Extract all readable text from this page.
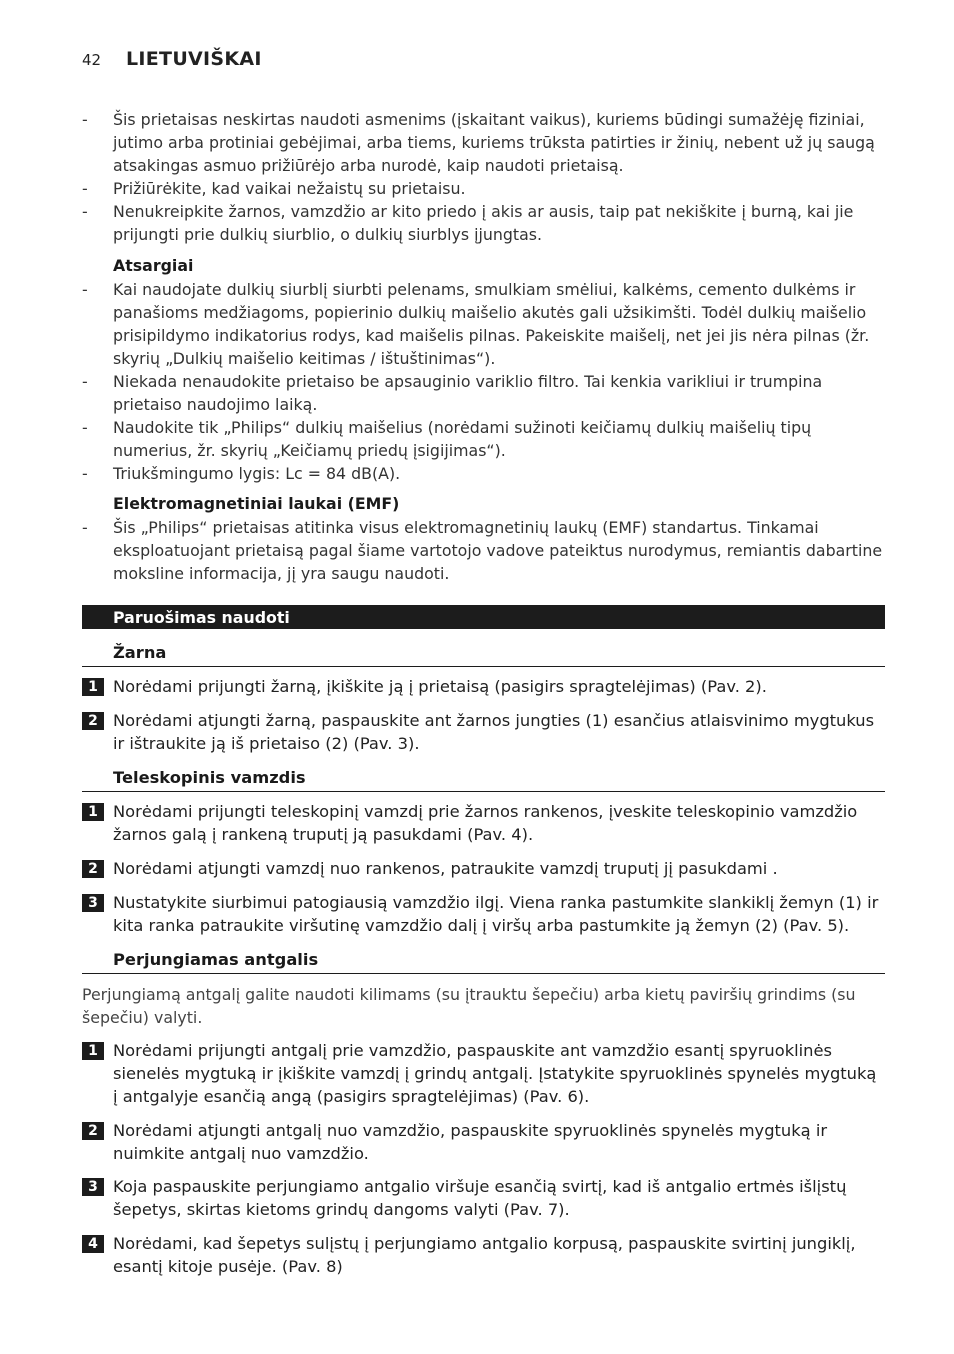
42 LIETUVIŠKAI
- Šis prietaisas neskirtas naudoti asmenims (įskaitant vaikus), kuriems būdingi sumažėję fiziniai, jutimo arba protiniai gebėjimai, arba tiems, kuriems trūksta patirties ir žinių, nebent už jų saugą atsakingas asmuo prižiūrėjo arba nurodė, kaip naudoti prietaisą.
- Prižiūrėkite, kad vaikai nežaistų su prietaisu.
- Nenukreipkite žarnos, vamzdžio ar kito priedo į akis ar ausis, taip pat nekiškite į burną, kai jie prijungti prie dulkių siurblio, o dulkių siurblys įjungtas.
Atsargiai
- Kai naudojate dulkių siurblį siurbti pelenams, smulkiam smėliui, kalkėms, cemento dulkėms ir panašioms medžiagoms, popierinio dulkių maišelio akutės gali užsikimšti. Todėl dulkių maišelio prisipildymo indikatorius rodys, kad maišelis pilnas. Pakeiskite maišelį, net jei jis nėra pilnas (žr. skyrių „Dulkių maišelio keitimas / ištuštinimas“).
- Niekada nenaudokite prietaiso be apsauginio variklio filtro. Tai kenkia varikliui ir trumpina prietaiso naudojimo laiką.
- Naudokite tik „Philips“ dulkių maišelius (norėdami sužinoti keičiamų dulkių maišelių tipų numerius, žr. skyrių „Keičiamų priedų įsigijimas“).
- Triukšmingumo lygis: Lc = 84 dB(A).
Elektromagnetiniai laukai (EMF)
- Šis „Philips“ prietaisas atitinka visus elektromagnetinių laukų (EMF) standartus. Tinkamai eksploatuojant prietaisą pagal šiame vartotojo vadove pateiktus nurodymus, remiantis dabartine moksline informacija, jį yra saugu naudoti.
Paruošimas naudoti
Žarna
1 Norėdami prijungti žarną, įkiškite ją į prietaisą (pasigirs spragtelėjimas) (Pav. 2).
2 Norėdami atjungti žarną, paspauskite ant žarnos jungties (1) esančius atlaisvinimo mygtukus ir ištraukite ją iš prietaiso (2) (Pav. 3).
Teleskopinis vamzdis
1 Norėdami prijungti teleskopinį vamzdį prie žarnos rankenos, įveskite teleskopinio vamzdžio žarnos galą į rankeną truputį ją pasukdami (Pav. 4).
2 Norėdami atjungti vamzdį nuo rankenos, patraukite vamzdį truputį jį pasukdami .
3 Nustatykite siurbimui patogiausią vamzdžio ilgį. Viena ranka pastumkite slankiklį žemyn (1) ir kita ranka patraukite viršutinę vamzdžio dalį į viršų arba pastumkite ją žemyn (2) (Pav. 5).
Perjungiamas antgalis
Perjungiamą antgalį galite naudoti kilimams (su įtrauktu šepečiu) arba kietų paviršių grindims (su šepečiu) valyti.
1 Norėdami prijungti antgalį prie vamzdžio, paspauskite ant vamzdžio esantį spyruoklinės sienelės mygtuką ir įkiškite vamzdį į grindų antgalį. Įstatykite spyruoklinės spynelės mygtuką į antgalyje esančią angą (pasigirs spragtelėjimas) (Pav. 6).
2 Norėdami atjungti antgalį nuo vamzdžio, paspauskite spyruoklinės spynelės mygtuką ir nuimkite antgalį nuo vamzdžio.
3 Koja paspauskite perjungiamo antgalio viršuje esančią svirtį, kad iš antgalio ertmės išlįstų šepetys, skirtas kietoms grindų dangoms valyti (Pav. 7).
4 Norėdami, kad šepetys sulįstų į perjungiamo antgalio korpusą, paspauskite svirtinį jungiklį, esantį kitoje pusėje. (Pav. 8)
